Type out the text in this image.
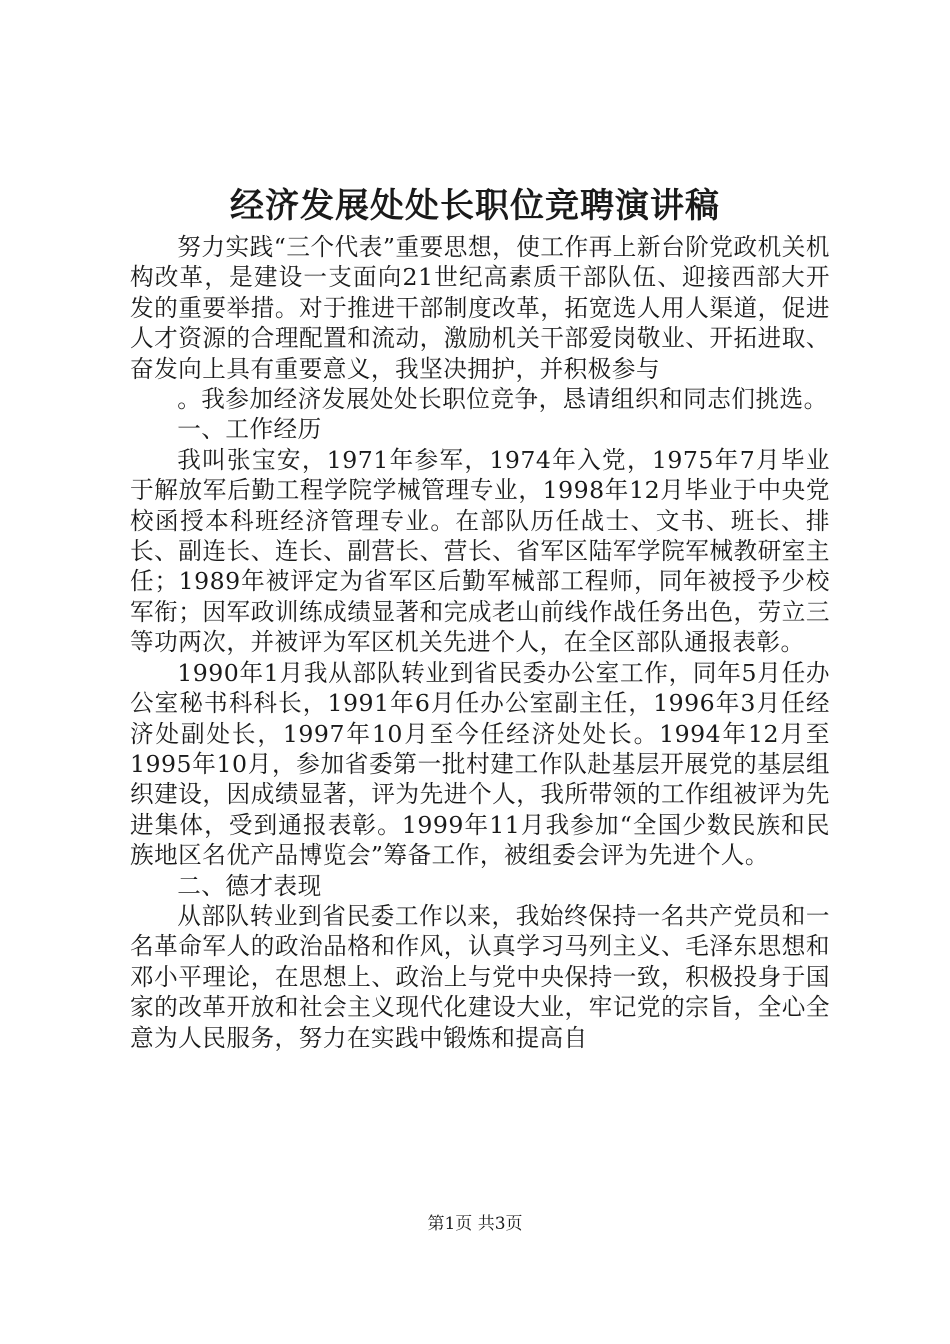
经济发展处处长职位竞聘演讲稿

努力实践“三个代表”重要思想，使工作再上新台阶党政机关机构改革，是建设一支面向21世纪高素质干部队伍、迎接西部大开发的重要举措。对于推进干部制度改革，拓宽选人用人渠道，促进人才资源的合理配置和流动，激励机关干部爱岗敬业、开拓进取、奋发向上具有重要意义，我坚决拥护，并积极参与

。我参加经济发展处处长职位竞争，恳请组织和同志们挑选。

一、工作经历

我叫张宝安，1971年参军，1974年入党，1975年7月毕业于解放军后勤工程学院学械管理专业，1998年12月毕业于中央党校函授本科班经济管理专业。在部队历任战士、文书、班长、排长、副连长、连长、副营长、营长、省军区陆军学院军械教研室主任；1989年被评定为省军区后勤军械部工程师，同年被授予少校军衔；因军政训练成绩显著和完成老山前线作战任务出色，劳立三等功两次，并被评为军区机关先进个人，在全区部队通报表彰。

1990年1月我从部队转业到省民委办公室工作，同年5月任办公室秘书科科长，1991年6月任办公室副主任，1996年3月任经济处副处长，1997年10月至今任经济处处长。1994年12月至1995年10月，参加省委第一批村建工作队赴基层开展党的基层组织建设，因成绩显著，评为先进个人，我所带领的工作组被评为先进集体，受到通报表彰。1999年11月我参加“全国少数民族和民族地区名优产品博览会”筹备工作，被组委会评为先进个人。

二、德才表现

从部队转业到省民委工作以来，我始终保持一名共产党员和一名革命军人的政治品格和作风，认真学习马列主义、毛泽东思想和邓小平理论，在思想上、政治上与党中央保持一致，积极投身于国家的改革开放和社会主义现代化建设大业，牢记党的宗旨，全心全意为人民服务，努力在实践中锻炼和提高自

第1页 共3页
